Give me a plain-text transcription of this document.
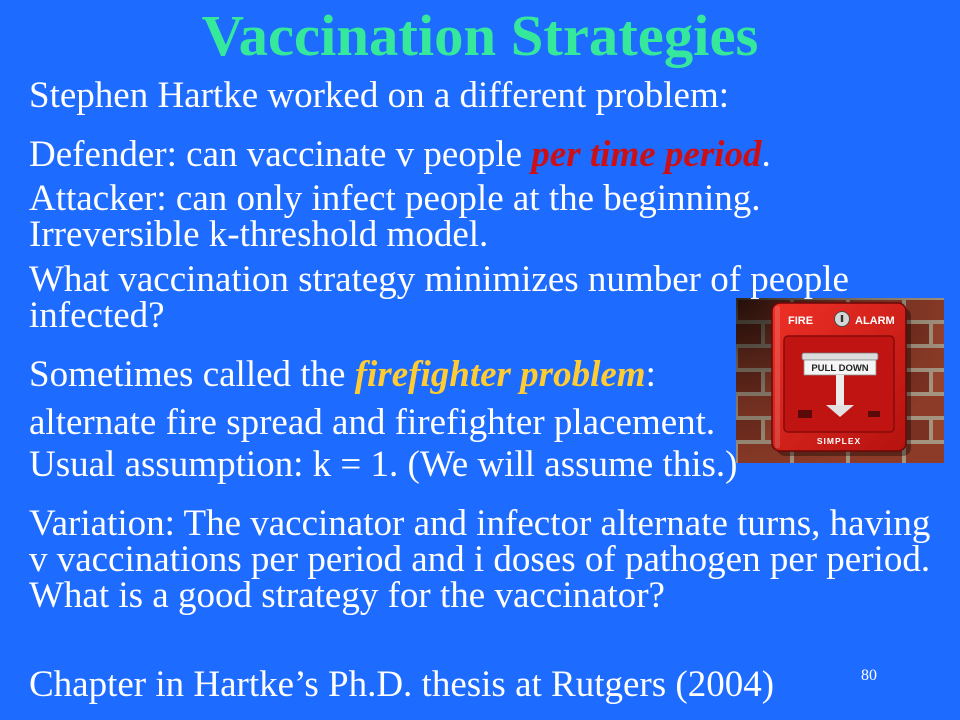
Vaccination Strategies
Stephen Hartke worked on a different problem:
Defender: can vaccinate v people per time period.
Attacker: can only infect people at the beginning.
Irreversible k-threshold model.
What vaccination strategy minimizes number of people
infected?
Sometimes called the firefighter problem:
alternate fire spread and firefighter placement.
Usual assumption: k = 1. (We will assume this.)
Variation: The vaccinator and infector alternate turns, having
v vaccinations per period and i doses of pathogen per period.
What is a good strategy for the vaccinator?
Chapter in Hartke’s Ph.D. thesis at Rutgers (2004)
FIRE	ALARM
PULL DOWN
SIMPLEX
80
